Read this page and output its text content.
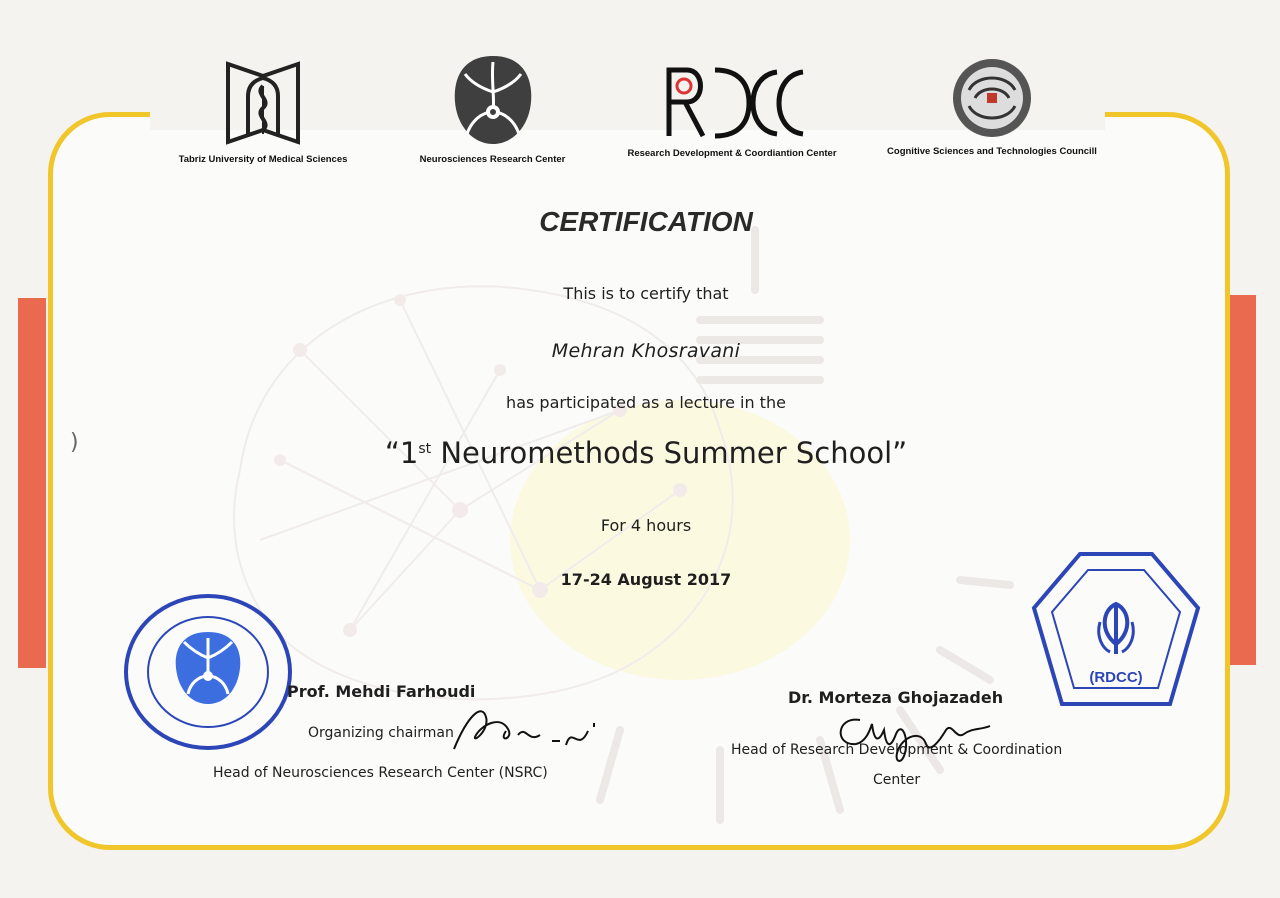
Tabriz University of Medical Sciences	Neurosciences Research Center
Research Development & Coordiantion Center	Cognitive Sciences and Technologies Councill
CERTIFICATION
This is to certify that
Mehran Khosravani
has participated as a lecture in the
“1st Neuromethods Summer School”
For 4 hours
17-24 August 2017
(RDCC)
Prof. Mehdi Farhoudi
Organizing chairman
Head of Neurosciences Research Center (NSRC)
Dr. Morteza Ghojazadeh
Head of Research Development & Coordination
Center
)
